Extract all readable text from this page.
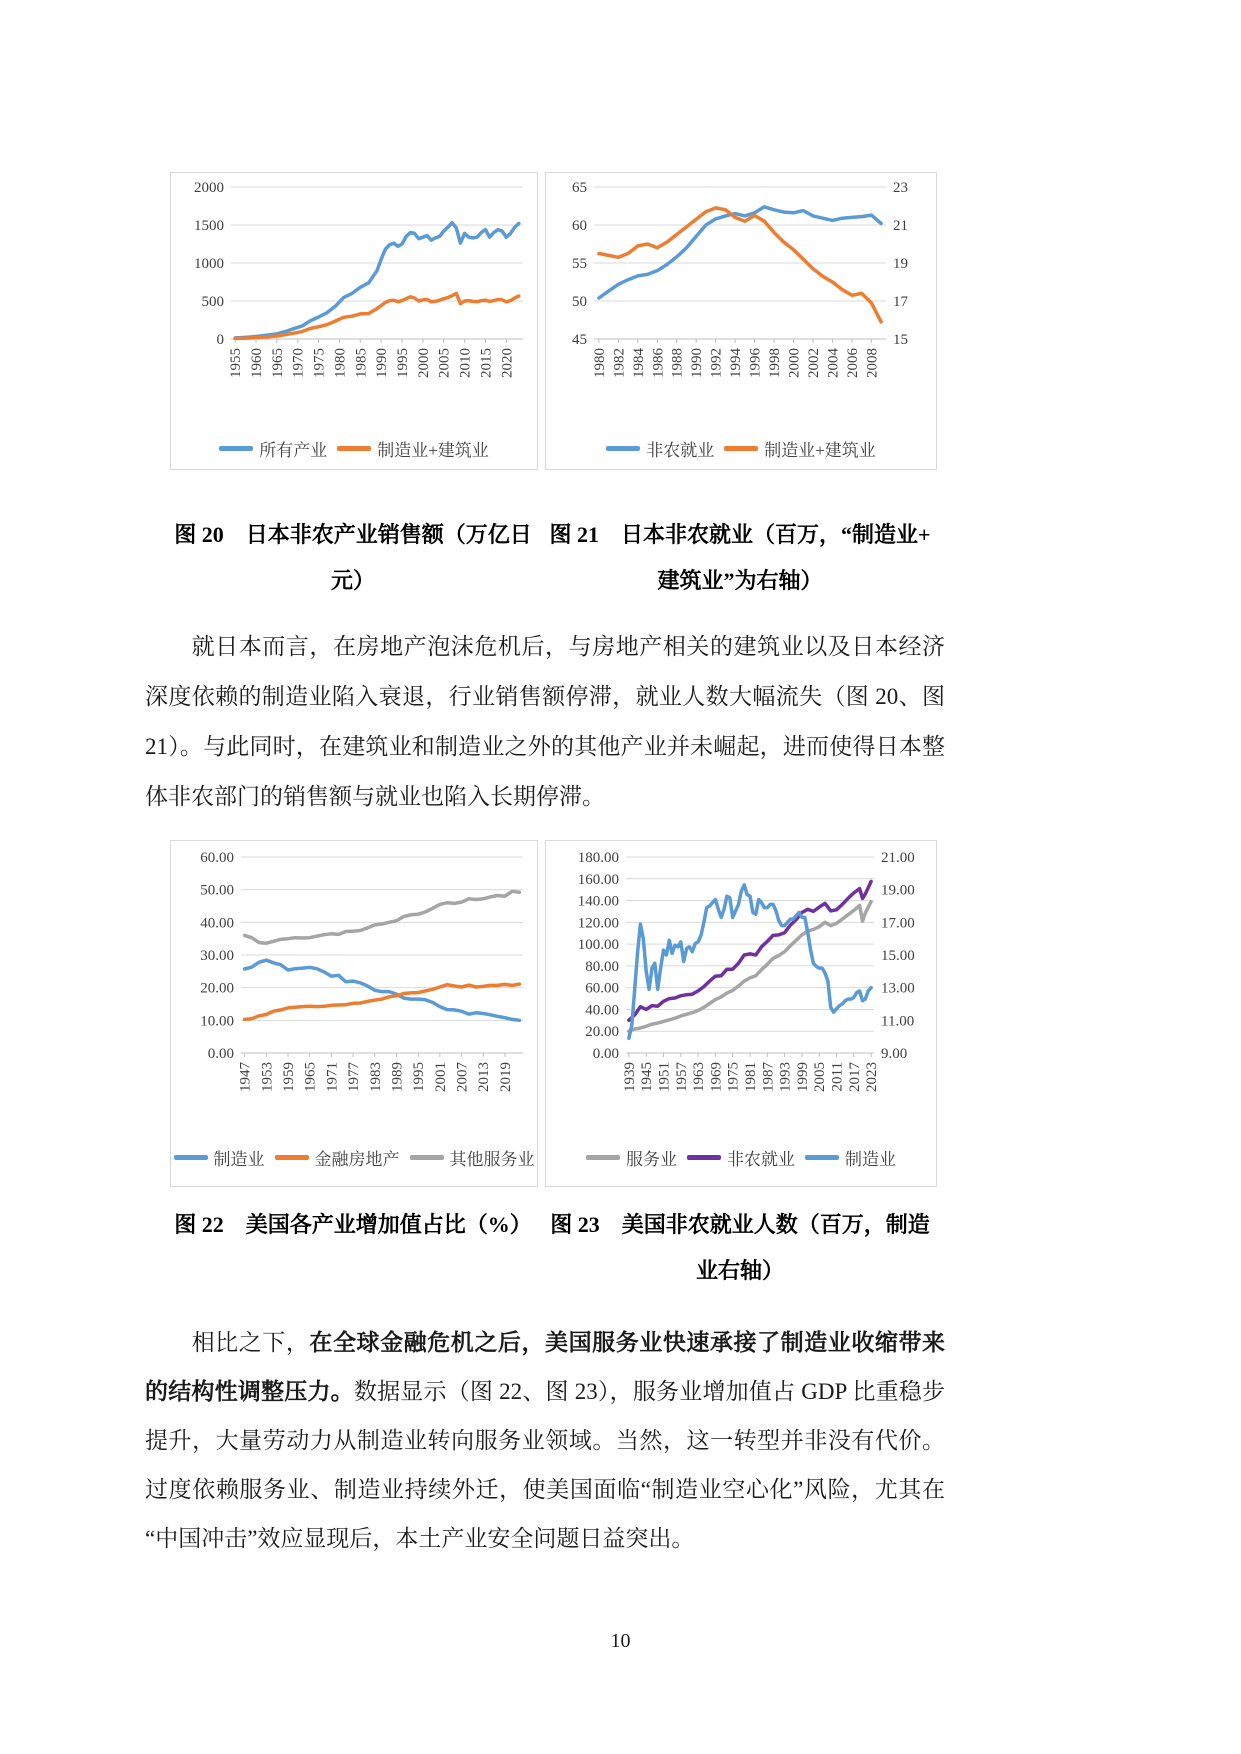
0
500
1000
1500
2000
1955 1960 1965 1970 1975 1980 1985 1990 1995 2000 2005 2010 2015 2020
所有产业	制造业+建筑业
45
50
55
60
65
15
17
19
21
23
1980 1982 1984 1986 1988 1990 1992 1994 1996 1998 2000 2002 2004 2006 2008
非农就业	制造业+建筑业
图 20　日本非农产业销售额（万亿日
元）
图 21　日本非农就业（百万，“制造业+
建筑业”为右轴）
就日本而言，在房地产泡沫危机后，与房地产相关的建筑业以及日本经济深度依赖的制造业陷入衰退，行业销售额停滞，就业人数大幅流失（图 20、图 21）。与此同时，在建筑业和制造业之外的其他产业并未崛起，进而使得日本整体非农部门的销售额与就业也陷入长期停滞。
0.00
10.00
20.00
30.00
40.00
50.00
60.00
1947 1953 1959 1965 1971 1977 1983 1989 1995 2001 2007 2013 2019
制造业	金融房地产	其他服务业
0.00
20.00
40.00
60.00
80.00
100.00
120.00
140.00
160.00
180.00
9.00
11.00
13.00
15.00
17.00
19.00
21.00
1939 1945 1951 1957 1963 1969 1975 1981 1987 1993 1999 2005 2011 2017 2023
服务业	非农就业	制造业
图 22　美国各产业增加值占比（%） 图 23　美国非农就业人数（百万，制造
业右轴）
相比之下，在全球金融危机之后，美国服务业快速承接了制造业收缩带来的结构性调整压力。数据显示（图 22、图 23），服务业增加值占 GDP 比重稳步提升，大量劳动力从制造业转向服务业领域。当然，这一转型并非没有代价。过度依赖服务业、制造业持续外迁，使美国面临“制造业空心化”风险，尤其在 “中国冲击”效应显现后，本土产业安全问题日益突出。
10
